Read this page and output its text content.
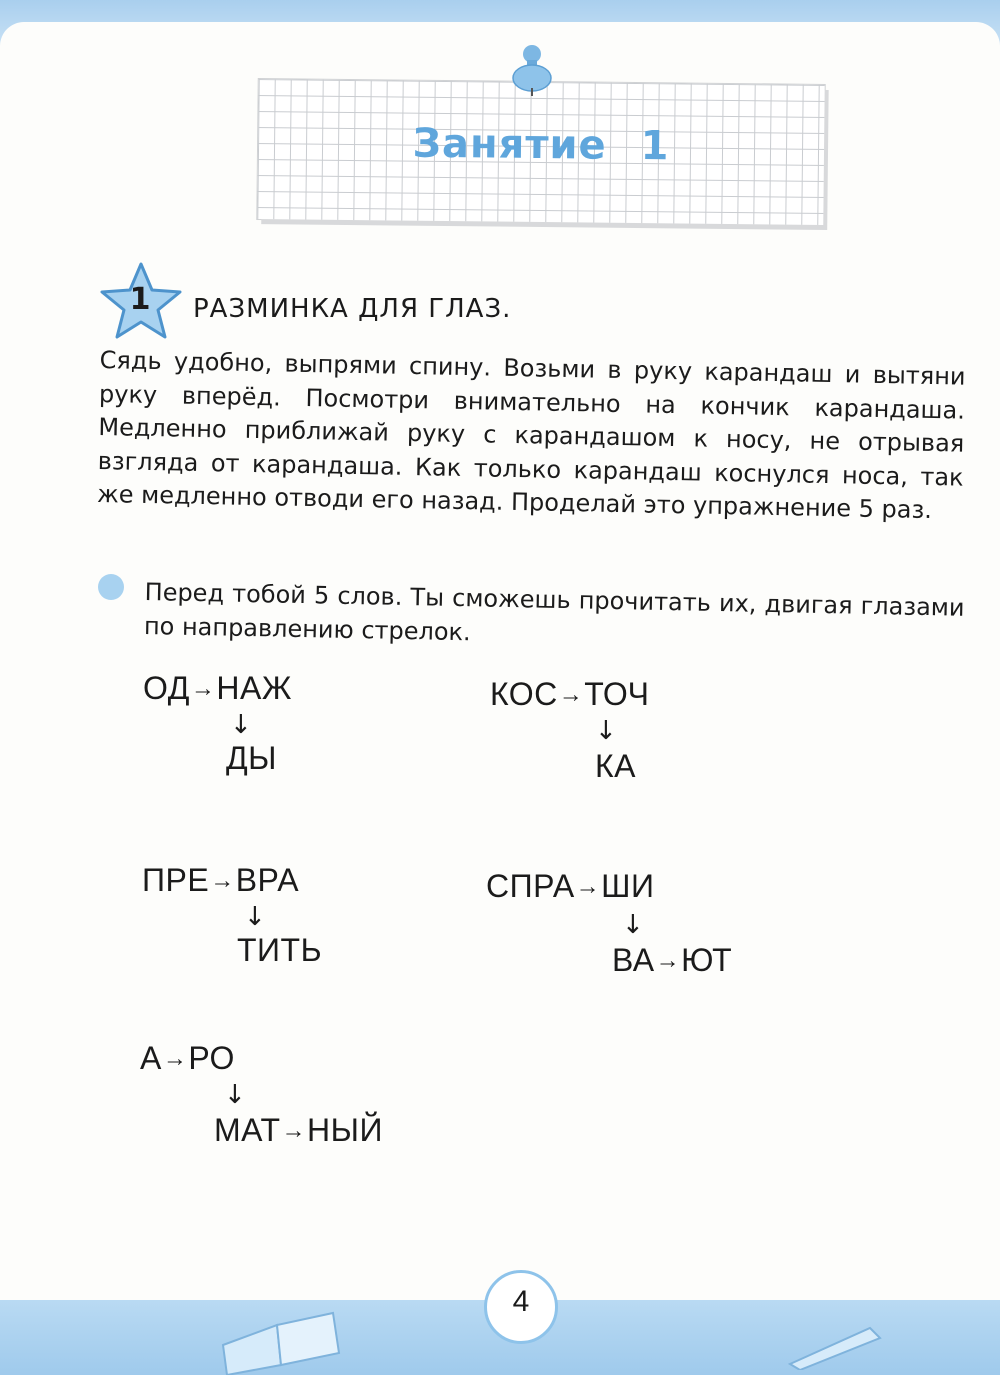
Занятие 1
1	РАЗМИНКА ДЛЯ ГЛАЗ.
Сядь удобно, выпрями спину. Возьми в руку карандаш и вытяни руку вперёд. Посмотри внимательно на кончик карандаша. Медленно приближай руку с карандашом к носу, не отрывая взгляда от карандаша. Как только карандаш коснулся носа, так же медленно отводи его назад. Проделай это упражнение 5 раз.
Перед тобой 5 слов. Ты сможешь прочитать их, двигая глазами по направлению стрелок.
ОД→НАЖ
↓
ДЫ
КОС→ТОЧ
↓
КА
ПРЕ→ВРА
↓
ТИТЬ
СПРА→ШИ
↓
ВА→ЮТ
А→РО
↓
МАТ→НЫЙ
4
